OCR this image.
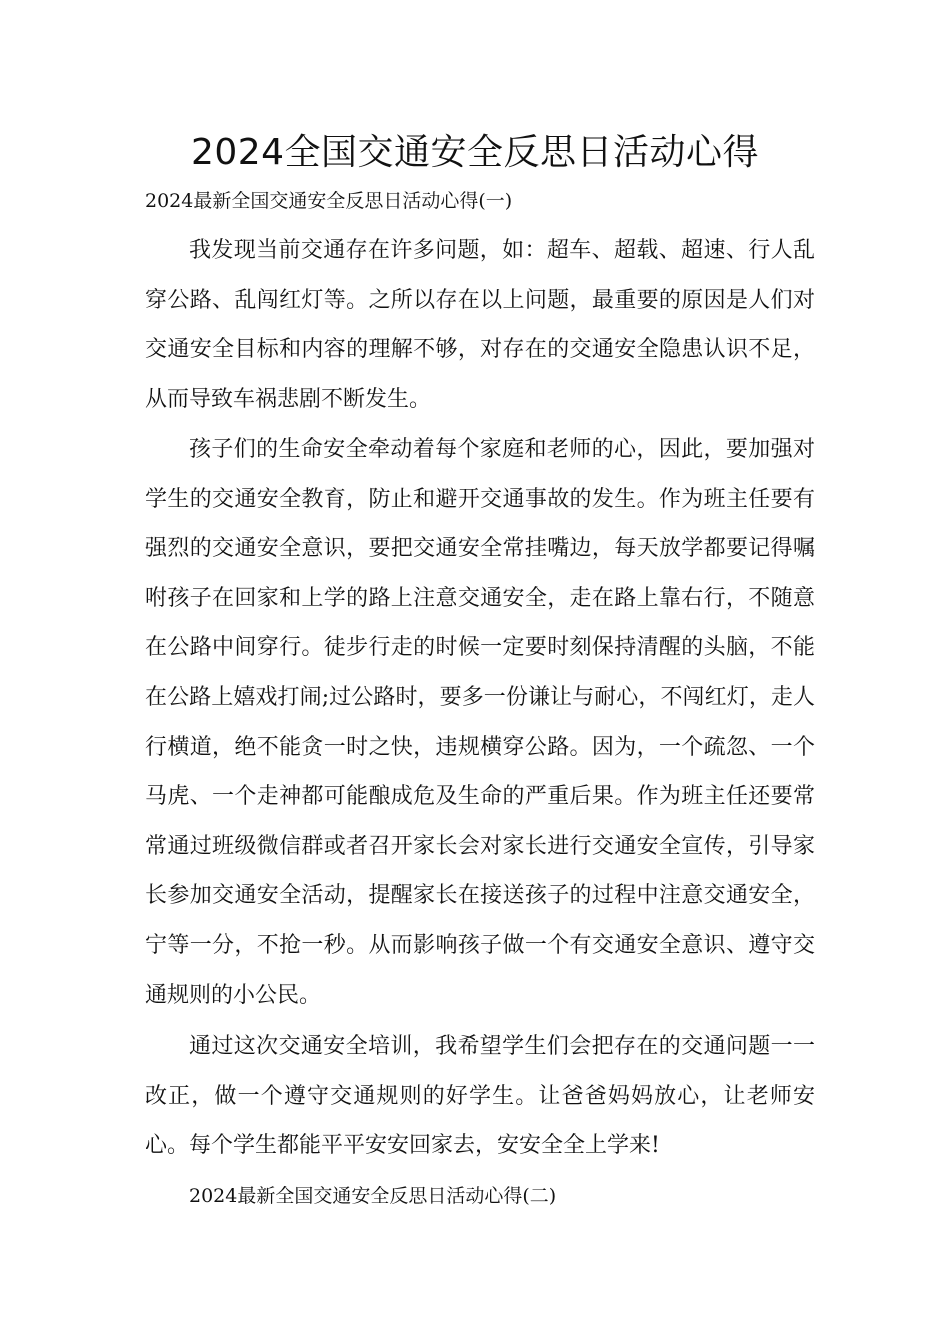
2024全国交通安全反思日活动心得
2024最新全国交通安全反思日活动心得(一)

我发现当前交通存在许多问题，如：超车、超载、超速、行人乱穿公路、乱闯红灯等。之所以存在以上问题，最重要的原因是人们对交通安全目标和内容的理解不够，对存在的交通安全隐患认识不足，从而导致车祸悲剧不断发生。

孩子们的生命安全牵动着每个家庭和老师的心，因此，要加强对学生的交通安全教育，防止和避开交通事故的发生。作为班主任要有强烈的交通安全意识，要把交通安全常挂嘴边，每天放学都要记得嘱咐孩子在回家和上学的路上注意交通安全，走在路上靠右行，不随意在公路中间穿行。徒步行走的时候一定要时刻保持清醒的头脑，不能在公路上嬉戏打闹;过公路时，要多一份谦让与耐心，不闯红灯，走人行横道，绝不能贪一时之快，违规横穿公路。因为，一个疏忽、一个马虎、一个走神都可能酿成危及生命的严重后果。作为班主任还要常常通过班级微信群或者召开家长会对家长进行交通安全宣传，引导家长参加交通安全活动，提醒家长在接送孩子的过程中注意交通安全，宁等一分，不抢一秒。从而影响孩子做一个有交通安全意识、遵守交通规则的小公民。

通过这次交通安全培训，我希望学生们会把存在的交通问题一一改正，做一个遵守交通规则的好学生。让爸爸妈妈放心，让老师安心。每个学生都能平平安安回家去，安安全全上学来!

2024最新全国交通安全反思日活动心得(二)
